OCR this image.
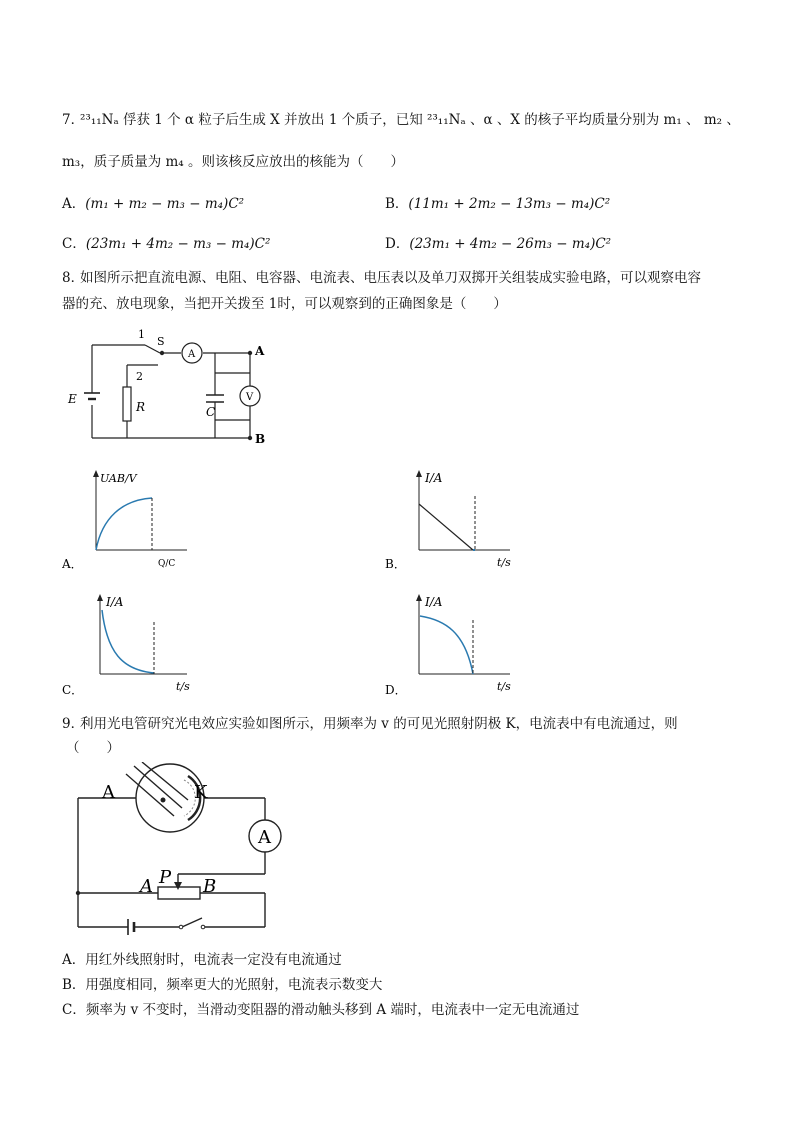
7．
²³₁₁Nₐ 俘获 1 个 α 粒子后生成 X 并放出 1 个质子，已知 ²³₁₁Nₐ 、α 、X 的核子平均质量分别为 m₁ 、 m₂ 、
m₃，质子质量为 m₄ 。则该核反应放出的核能为（　　）
A．(m₁ + m₂ − m₃ − m₄)C²	B．(11m₁ + 2m₂ − 13m₃ − m₄)C²
C．(23m₁ + 4m₂ − m₃ − m₄)C²	D．(23m₁ + 4m₂ − 26m₃ − m₄)C²
8．
如图所示把直流电源、电阻、电容器、电流表、电压表以及单刀双掷开关组装成实验电路，可以观察电容
器的充、放电现象，当把开关拨至 1时，可以观察到的正确图象是（　　）
E
R	C
S
1
2
A
V
A
B
UAB/V
A．	Q/C
I/A
B．	t/s
I/A
C．	t/s
I/A
D．	t/s
9．
利用光电管研究光电效应实验如图所示，用频率为 v 的可见光照射阴极 K，电流表中有电流通过，则
（　　）
A	K
A
A P B
A．用红外线照射时，电流表一定没有电流通过
B．用强度相同，频率更大的光照射，电流表示数变大
C．频率为 v 不变时，当滑动变阻器的滑动触头移到 A 端时，电流表中一定无电流通过
